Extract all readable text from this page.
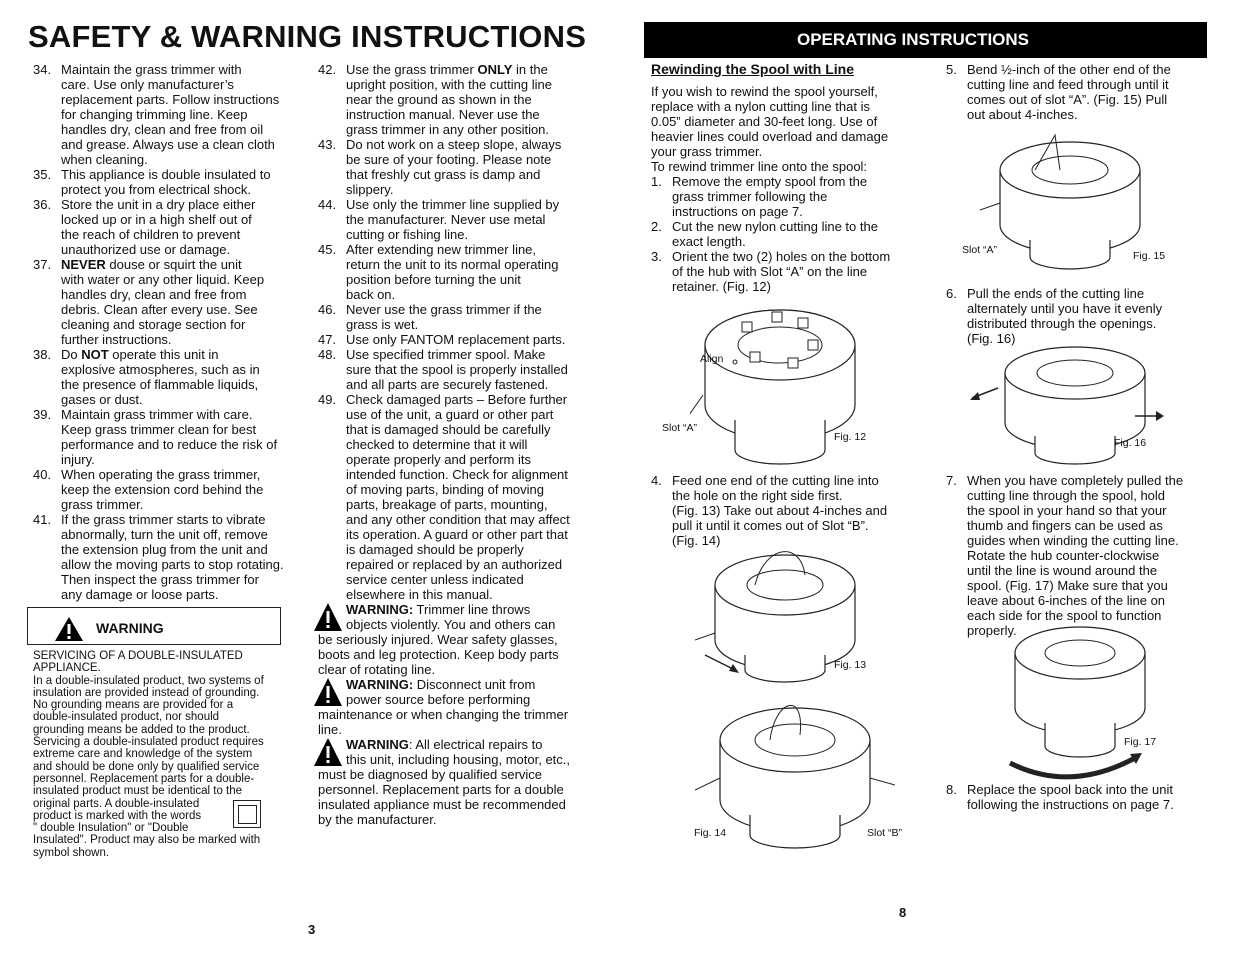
SAFETY & WARNING INSTRUCTIONS
34. Maintain the grass trimmer with
care. Use only manufacturer’s
replacement parts. Follow instructions
for changing trimming line. Keep
handles dry, clean and free from oil
and grease. Always use a clean cloth
when cleaning.
35. This appliance is double insulated to
protect you from electrical shock.
36. Store the unit in a dry place either
locked up or in a high shelf out of
the reach of children to prevent
unauthorized use or damage.
37. NEVER douse or squirt the unit
with water or any other liquid. Keep
handles dry, clean and free from
debris. Clean after every use. See
cleaning and storage section for
further instructions.
38. Do NOT operate this unit in
explosive atmospheres, such as in
the presence of flammable liquids,
gases or dust.
39. Maintain grass trimmer with care.
Keep grass trimmer clean for best
performance and to reduce the risk of
injury.
40. When operating the grass trimmer,
keep the extension cord behind the
grass trimmer.
41. If the grass trimmer starts to vibrate
abnormally, turn the unit off, remove
the extension plug from the unit and
allow the moving parts to stop rotating.
Then inspect the grass trimmer for
any damage or loose parts.
42. Use the grass trimmer ONLY in the
upright position, with the cutting line
near the ground as shown in the
instruction manual. Never use the
grass trimmer in any other position.
43. Do not work on a steep slope, always
be sure of your footing. Please note
that freshly cut grass is damp and
slippery.
44. Use only the trimmer line supplied by
the manufacturer. Never use metal
cutting or fishing line.
45. After extending new trimmer line,
return the unit to its normal operating
position before turning the unit
back on.
46. Never use the grass trimmer if the
grass is wet.
47. Use only FANTOM replacement parts.
48. Use specified trimmer spool. Make
sure that the spool is properly installed
and all parts are securely fastened.
49. Check damaged parts – Before further
use of the unit, a guard or other part
that is damaged should be carefully
checked to determine that it will
operate properly and perform its
intended function. Check for alignment
of moving parts, binding of moving
parts, breakage of parts, mounting,
and any other condition that may affect
its operation. A guard or other part that
is damaged should be properly
repaired or replaced by an authorized
service center unless indicated
elsewhere in this manual.
WARNING
SERVICING OF A DOUBLE-INSULATED
APPLIANCE.
In a double-insulated product, two systems of
insulation are provided instead of grounding.
No grounding means are provided for a
double-insulated product, nor should
grounding means be added to the product.
Servicing a double-insulated product requires
extreme care and knowledge of the system
and should be done only by qualified service
personnel. Replacement parts for a double-
insulated product must be identical to the
original parts. A double-insulated
product is marked with the words
" double Insulation" or "Double
Insulated". Product may also be marked with
symbol shown.
WARNING: Trimmer line throws
objects violently. You and others can
be seriously injured. Wear safety glasses,
boots and leg protection. Keep body parts
clear of rotating line.
WARNING: Disconnect unit from
power source before performing
maintenance or when changing the trimmer
line.
WARNING: All electrical repairs to
this unit, including housing, motor, etc.,
must be diagnosed by qualified service
personnel. Replacement parts for a double
insulated appliance must be recommended
by the manufacturer.
3
OPERATING INSTRUCTIONS
Rewinding the Spool with Line
If you wish to rewind the spool yourself,
replace with a nylon cutting line that is
0.05” diameter and 30-feet long. Use of
heavier lines could overload and damage
your grass trimmer.
To rewind trimmer line onto the spool:
1. Remove the empty spool from the
grass trimmer following the
instructions on page 7.
2. Cut the new nylon cutting line to the
exact length.
3. Orient the two (2) holes on the bottom
of the hub with Slot “A” on the line
retainer. (Fig. 12)
4. Feed one end of the cutting line into
the hole on the right side first.
(Fig. 13) Take out about 4-inches and
pull it until it comes out of Slot “B”.
(Fig. 14)
5. Bend ½-inch of the other end of the
cutting line and feed through until it
comes out of slot “A”. (Fig. 15) Pull
out about 4-inches.
6. Pull the ends of the cutting line
alternately until you have it evenly
distributed through the openings.
(Fig. 16)
7. When you have completely pulled the
cutting line through the spool, hold
the spool in your hand so that your
thumb and fingers can be used as
guides when winding the cutting line.
Rotate the hub counter-clockwise
until the line is wound around the
spool. (Fig. 17) Make sure that you
leave about 6-inches of the line on
each side for the spool to function
properly.
8. Replace the spool back into the unit
following the instructions on page 7.
Align
Slot “A”
Fig. 12
Fig. 13
Fig. 14	Slot “B”
Slot “A”	Fig. 15
Fig. 16
Fig. 17
8
